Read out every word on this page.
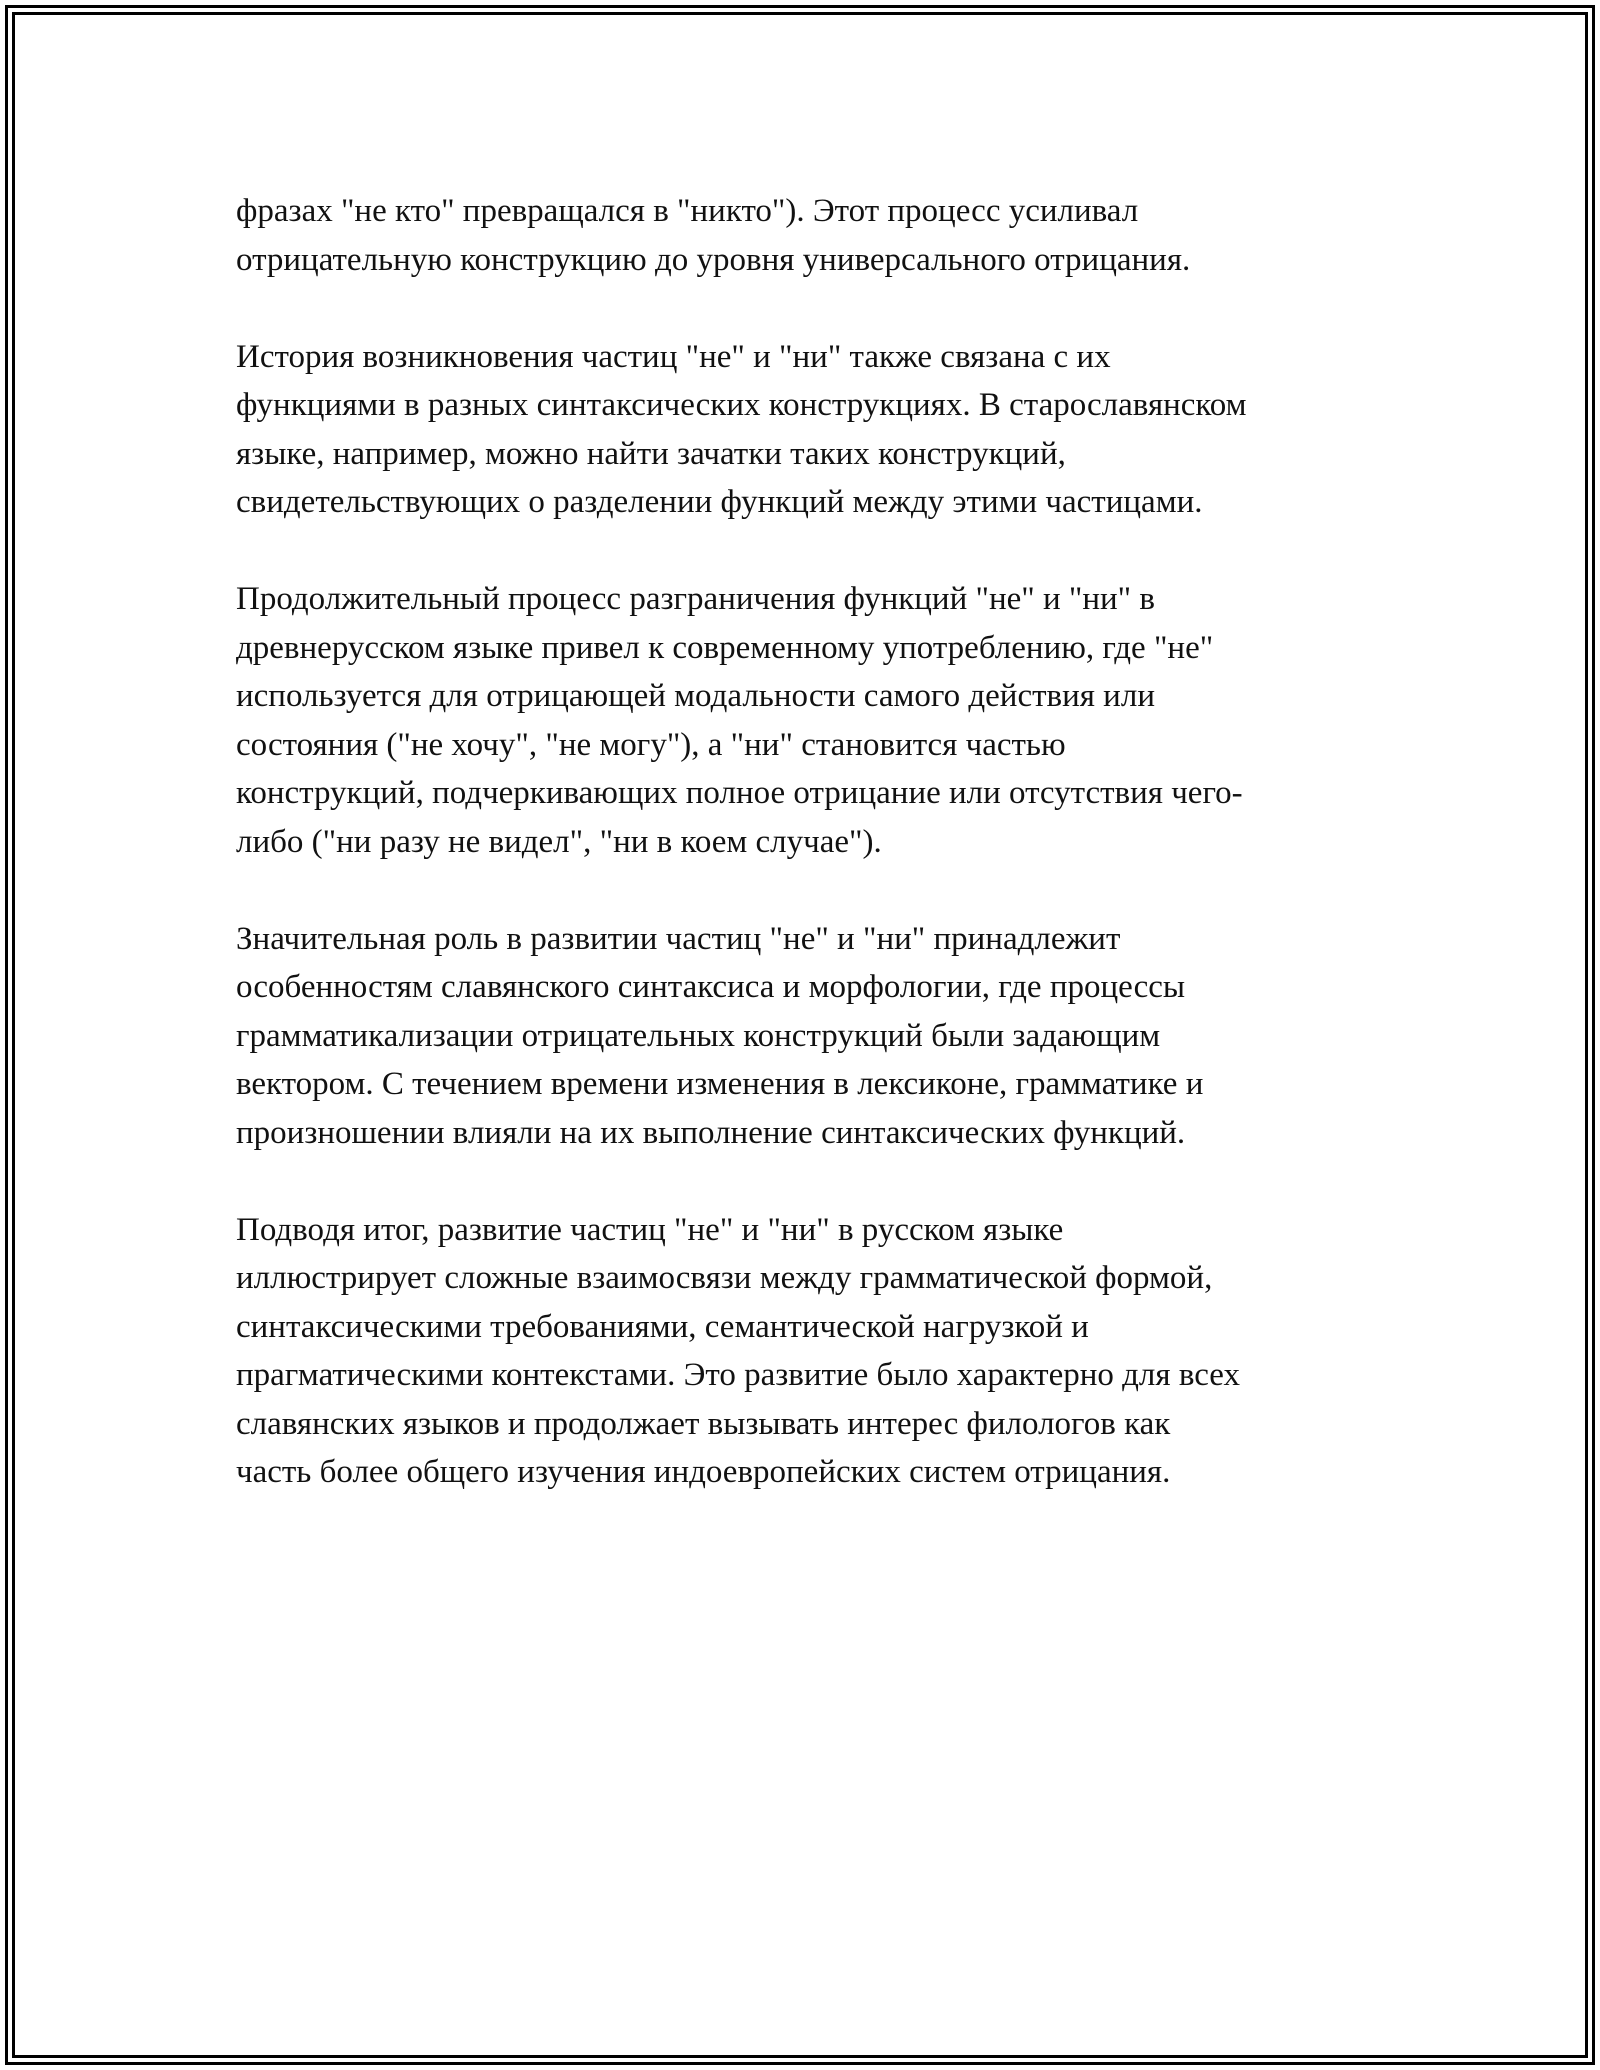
фразах "не кто" превращался в "никто"). Этот процесс усиливал
отрицательную конструкцию до уровня универсального отрицания.

История возникновения частиц "не" и "ни" также связана с их
функциями в разных синтаксических конструкциях. В старославянском
языке, например, можно найти зачатки таких конструкций,
свидетельствующих о разделении функций между этими частицами.

Продолжительный процесс разграничения функций "не" и "ни" в
древнерусском языке привел к современному употреблению, где "не"
используется для отрицающей модальности самого действия или
состояния ("не хочу", "не могу"), а "ни" становится частью
конструкций, подчеркивающих полное отрицание или отсутствия чего-
либо ("ни разу не видел", "ни в коем случае").

Значительная роль в развитии частиц "не" и "ни" принадлежит
особенностям славянского синтаксиса и морфологии, где процессы
грамматикализации отрицательных конструкций были задающим
вектором. С течением времени изменения в лексиконе, грамматике и
произношении влияли на их выполнение синтаксических функций.

Подводя итог, развитие частиц "не" и "ни" в русском языке
иллюстрирует сложные взаимосвязи между грамматической формой,
синтаксическими требованиями, семантической нагрузкой и
прагматическими контекстами. Это развитие было характерно для всех
славянских языков и продолжает вызывать интерес филологов как
часть более общего изучения индоевропейских систем отрицания.
